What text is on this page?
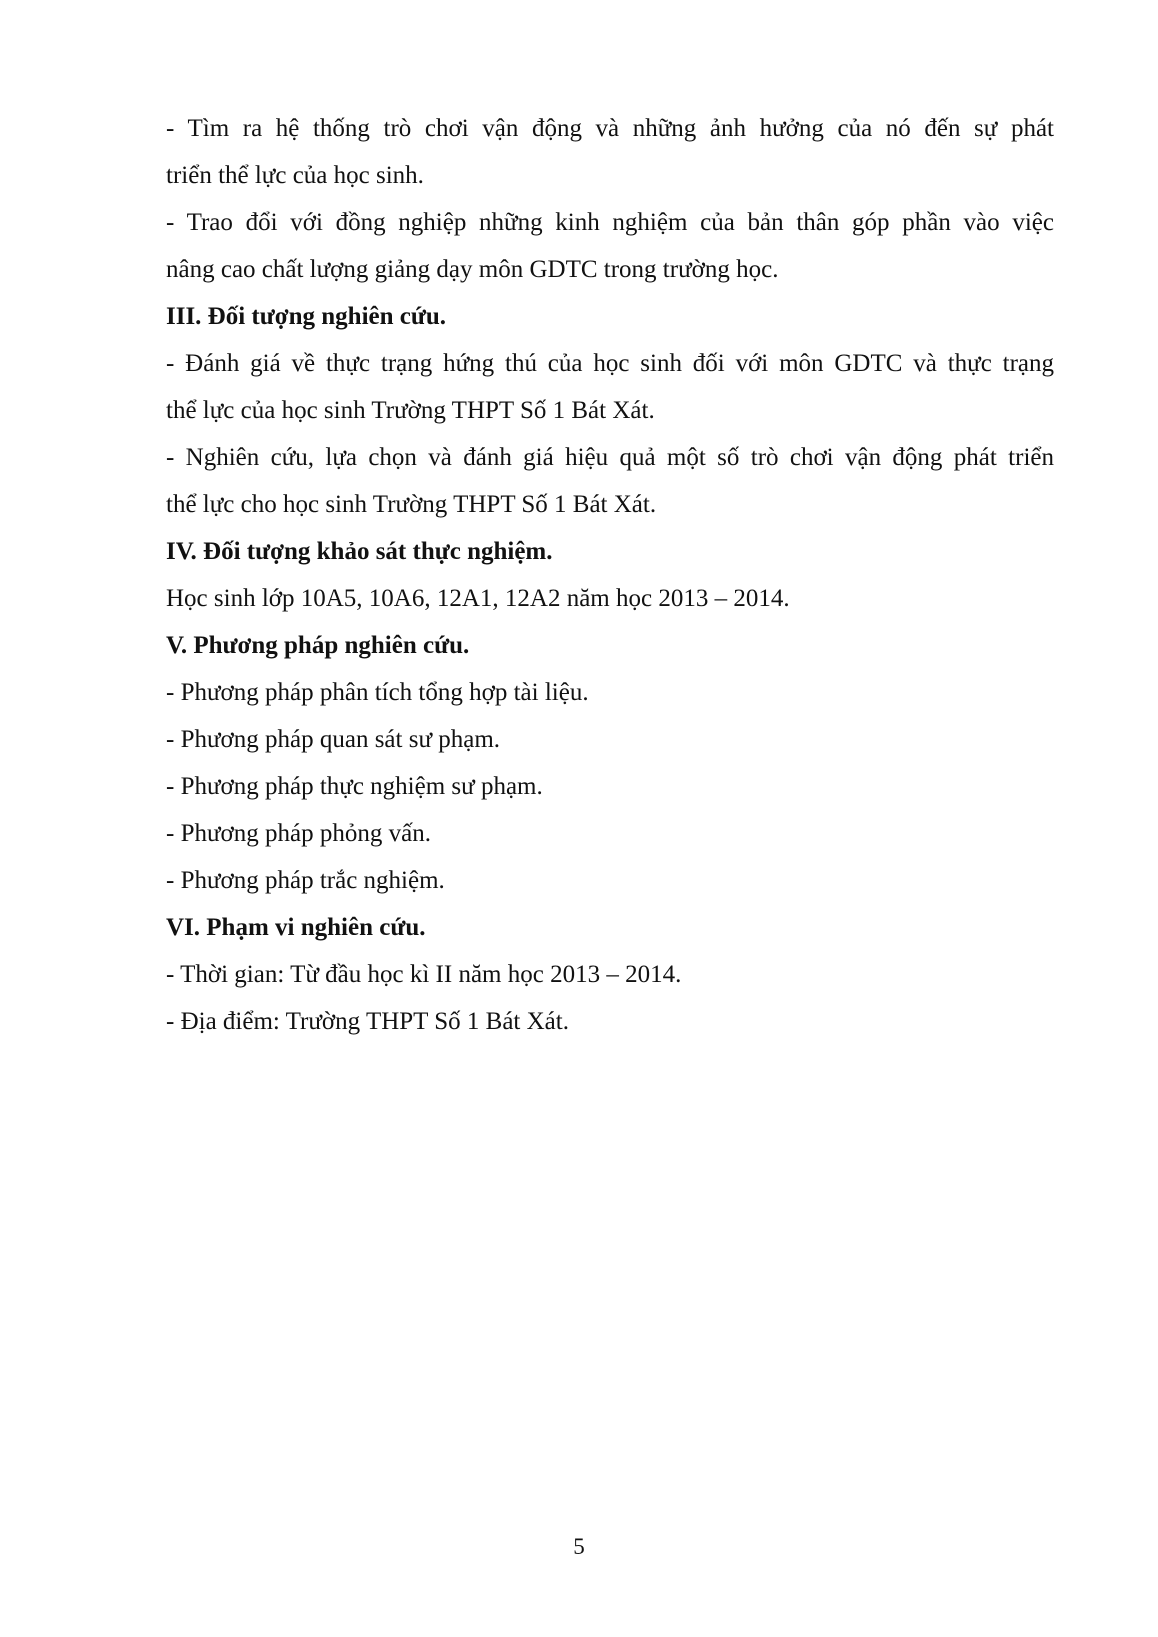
- Tìm ra hệ thống trò chơi vận động và những ảnh hưởng của nó đến sự phát

triển thể lực của học sinh.

- Trao đổi với đồng nghiệp những kinh nghiệm của bản thân góp phần vào việc

nâng cao chất lượng giảng dạy môn GDTC trong trường học.

III. Đối tượng nghiên cứu.

- Đánh giá về thực trạng hứng thú của học sinh đối với môn GDTC và thực trạng

thể lực của học sinh Trường THPT Số 1 Bát Xát.

- Nghiên cứu, lựa chọn và đánh giá hiệu quả một số trò chơi vận động phát triển

thể lực cho học sinh Trường THPT Số 1 Bát Xát.

IV. Đối tượng khảo sát thực nghiệm.

Học sinh lớp 10A5, 10A6, 12A1, 12A2 năm học 2013 – 2014.

V. Phương pháp nghiên cứu.

- Phương pháp phân tích tổng hợp tài liệu.

- Phương pháp quan sát sư phạm.

- Phương pháp thực nghiệm sư phạm.

- Phương pháp phỏng vấn.

- Phương pháp trắc nghiệm.

VI. Phạm vi nghiên cứu.

- Thời gian: Từ đầu học kì II năm học 2013 – 2014.

- Địa điểm: Trường THPT Số 1 Bát Xát.

5
